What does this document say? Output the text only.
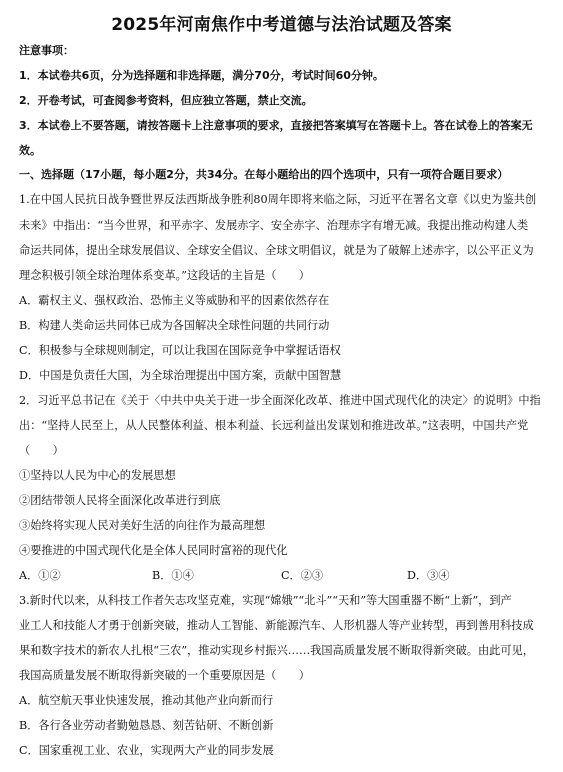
2025年河南焦作中考道德与法治试题及答案
注意事项：
1．本试卷共6页，分为选择题和非选择题，满分70分，考试时间60分钟。
2．开卷考试，可查阅参考资料，但应独立答题，禁止交流。
3．本试卷上不要答题，请按答题卡上注意事项的要求，直接把答案填写在答题卡上。答在试卷上的答案无
效。
一、选择题（17小题，每小题2分，共34分。在每小题给出的四个选项中，只有一项符合题目要求）
1.在中国人民抗日战争暨世界反法西斯战争胜利80周年即将来临之际，习近平在署名文章《以史为鉴共创
未来》中指出：“当今世界，和平赤字、发展赤字、安全赤字、治理赤字有增无减。我提出推动构建人类
命运共同体，提出全球发展倡议、全球安全倡议、全球文明倡议，就是为了破解上述赤字，以公平正义为
理念积极引领全球治理体系变革。”这段话的主旨是（　　）
A．霸权主义、强权政治、恐怖主义等威胁和平的因素依然存在
B．构建人类命运共同体已成为各国解决全球性问题的共同行动
C．积极参与全球规则制定，可以让我国在国际竞争中掌握话语权
D．中国是负责任大国，为全球治理提出中国方案，贡献中国智慧
2．习近平总书记在《关于〈中共中央关于进一步全面深化改革、推进中国式现代化的决定〉的说明》中指
出：“坚持人民至上，从人民整体利益、根本利益、长远利益出发谋划和推进改革。”这表明，中国共产党
（　　）
①坚持以人民为中心的发展思想
②团结带领人民将全面深化改革进行到底
③始终将实现人民对美好生活的向往作为最高理想
④要推进的中国式现代化是全体人民同时富裕的现代化
A．①②	B．①④	C．②③	D．③④
3.新时代以来，从科技工作者矢志攻坚克难，实现“嫦娥”“北斗”“天和”等大国重器不断“上新”，到产
业工人和技能人才勇于创新突破，推动人工智能、新能源汽车、人形机器人等产业转型，再到善用科技成
果和数字技术的新农人扎根“三农”，推动实现乡村振兴……我国高质量发展不断取得新突破。由此可见，
我国高质量发展不断取得新突破的一个重要原因是（　　）
A．航空航天事业快速发展，推动其他产业向新而行
B．各行各业劳动者勤勉恳恳、刻苦钻研、不断创新
C．国家重视工业、农业，实现两大产业的同步发展
